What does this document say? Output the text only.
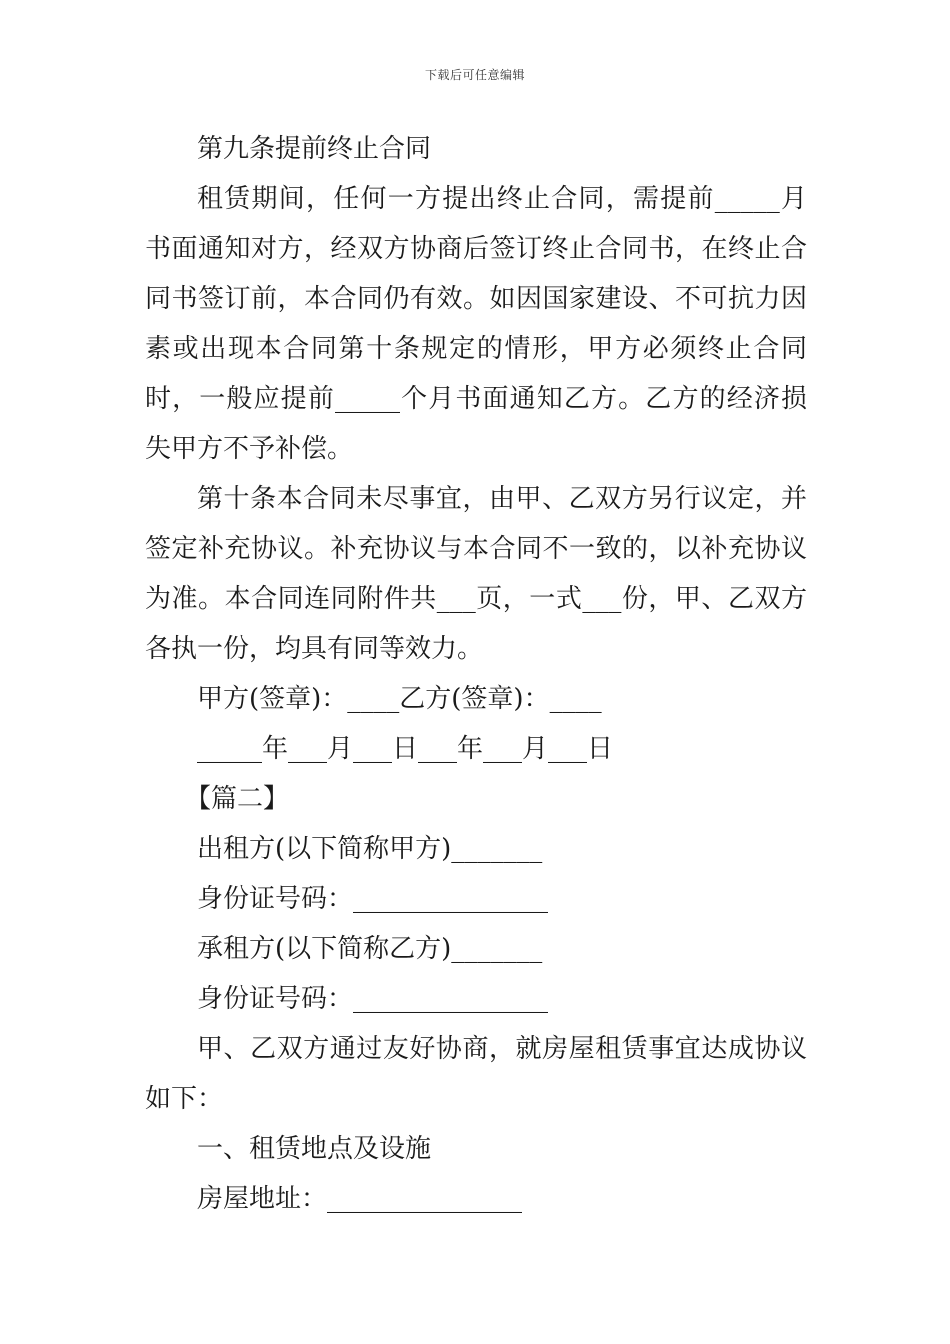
下载后可任意编辑

第九条提前终止合同

租赁期间，任何一方提出终止合同，需提前_____月书面通知对方，经双方协商后签订终止合同书，在终止合同书签订前，本合同仍有效。如因国家建设、不可抗力因素或出现本合同第十条规定的情形，甲方必须终止合同时，一般应提前_____个月书面通知乙方。乙方的经济损失甲方不予补偿。

第十条本合同未尽事宜，由甲、乙双方另行议定，并签定补充协议。补充协议与本合同不一致的，以补充协议为准。本合同连同附件共___页，一式___份，甲、乙双方各执一份，均具有同等效力。

甲方(签章)：____乙方(签章)：____

_____年___月___日___年___月___日

【篇二】

出租方(以下简称甲方)_______

身份证号码：_______________

承租方(以下简称乙方)_______

身份证号码：_______________

甲、乙双方通过友好协商，就房屋租赁事宜达成协议如下：

一、租赁地点及设施

房屋地址：_______________
